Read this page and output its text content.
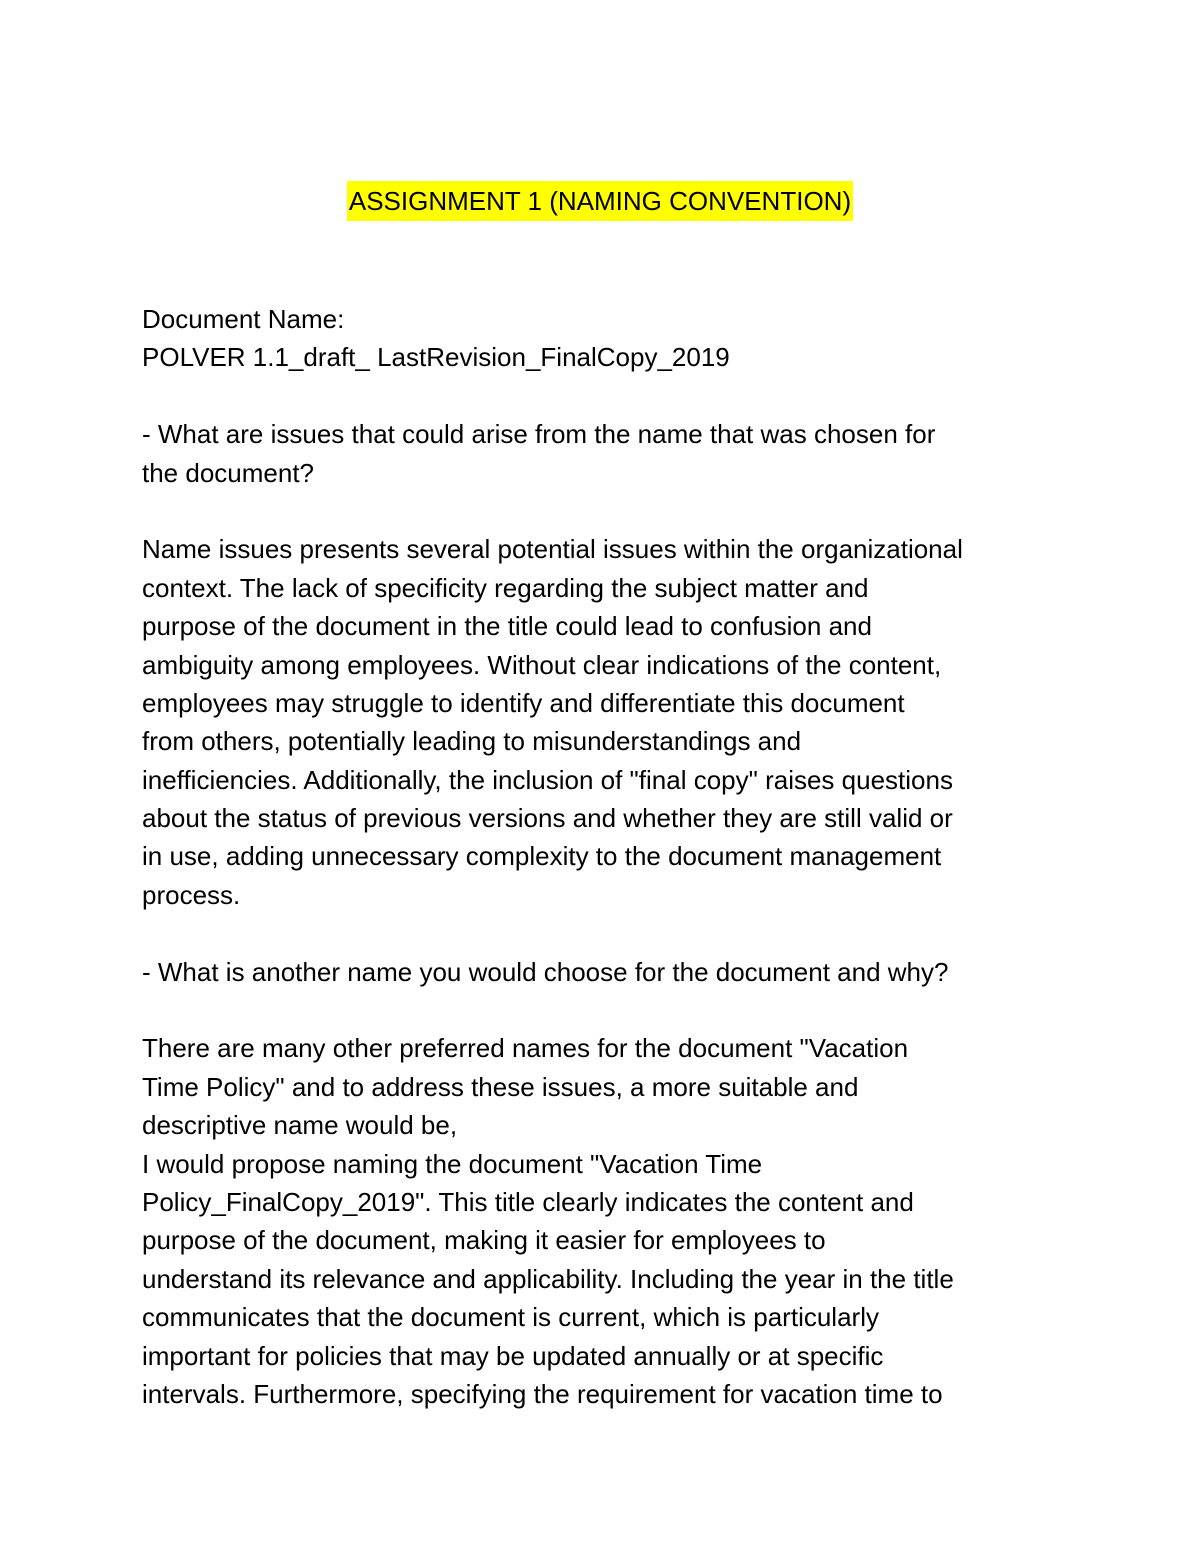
ASSIGNMENT 1 (NAMING CONVENTION)
Document Name:
POLVER 1.1_draft_ LastRevision_FinalCopy_2019
- What are issues that could arise from the name that was chosen for
the document?
Name issues presents several potential issues within the organizational
context. The lack of specificity regarding the subject matter and
purpose of the document in the title could lead to confusion and
ambiguity among employees. Without clear indications of the content,
employees may struggle to identify and differentiate this document
from others, potentially leading to misunderstandings and
inefficiencies. Additionally, the inclusion of "final copy" raises questions
about the status of previous versions and whether they are still valid or
in use, adding unnecessary complexity to the document management
process.
- What is another name you would choose for the document and why?
There are many other preferred names for the document "Vacation
Time Policy" and to address these issues, a more suitable and
descriptive name would be,
I would propose naming the document "Vacation Time
Policy_FinalCopy_2019". This title clearly indicates the content and
purpose of the document, making it easier for employees to
understand its relevance and applicability. Including the year in the title
communicates that the document is current, which is particularly
important for policies that may be updated annually or at specific
intervals. Furthermore, specifying the requirement for vacation time to
